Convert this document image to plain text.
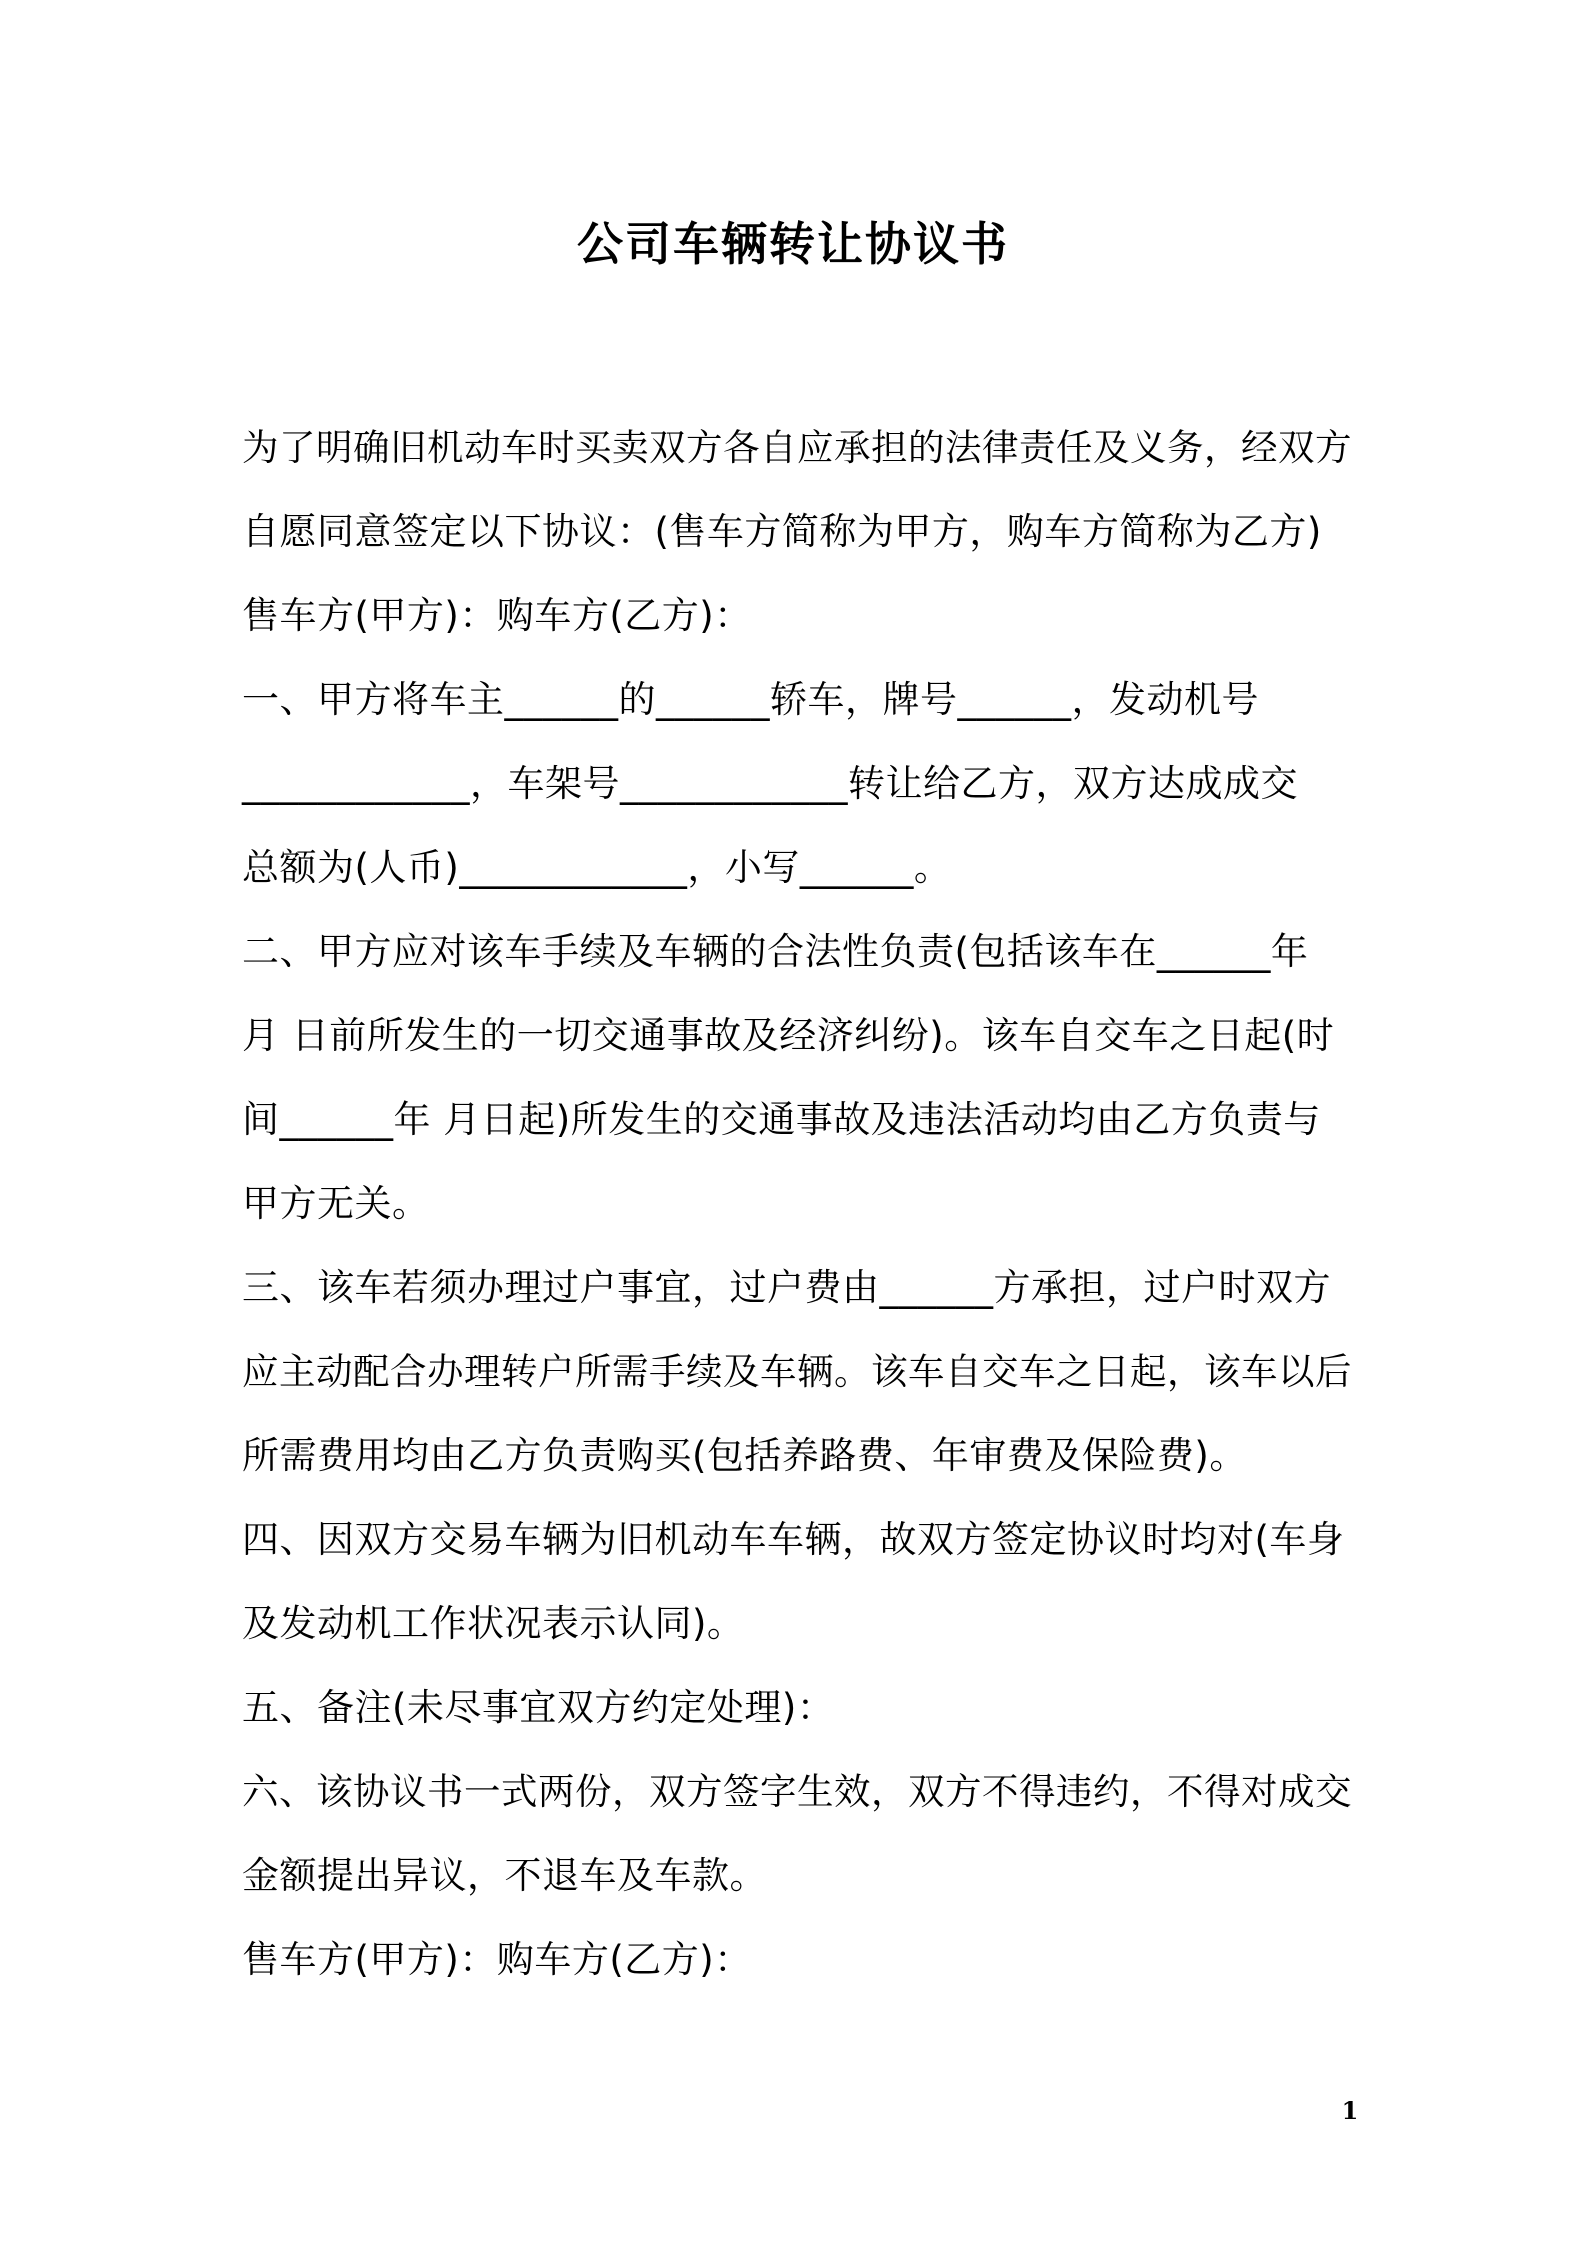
公司车辆转让协议书
为了明确旧机动车时买卖双方各自应承担的法律责任及义务，经双方
自愿同意签定以下协议：(售车方简称为甲方，购车方简称为乙方)
售车方(甲方)：购车方(乙方)：
一、甲方将车主______的______轿车，牌号______，发动机号
____________，车架号____________转让给乙方，双方达成成交
总额为(人币)____________，小写______。
二、甲方应对该车手续及车辆的合法性负责(包括该车在______年
月 日前所发生的一切交通事故及经济纠纷)。该车自交车之日起(时
间______年 月日起)所发生的交通事故及违法活动均由乙方负责与
甲方无关。
三、该车若须办理过户事宜，过户费由______方承担，过户时双方
应主动配合办理转户所需手续及车辆。该车自交车之日起，该车以后
所需费用均由乙方负责购买(包括养路费、年审费及保险费)。
四、因双方交易车辆为旧机动车车辆，故双方签定协议时均对(车身
及发动机工作状况表示认同)。
五、备注(未尽事宜双方约定处理)：
六、该协议书一式两份，双方签字生效，双方不得违约，不得对成交
金额提出异议，不退车及车款。
售车方(甲方)：购车方(乙方)：
1
